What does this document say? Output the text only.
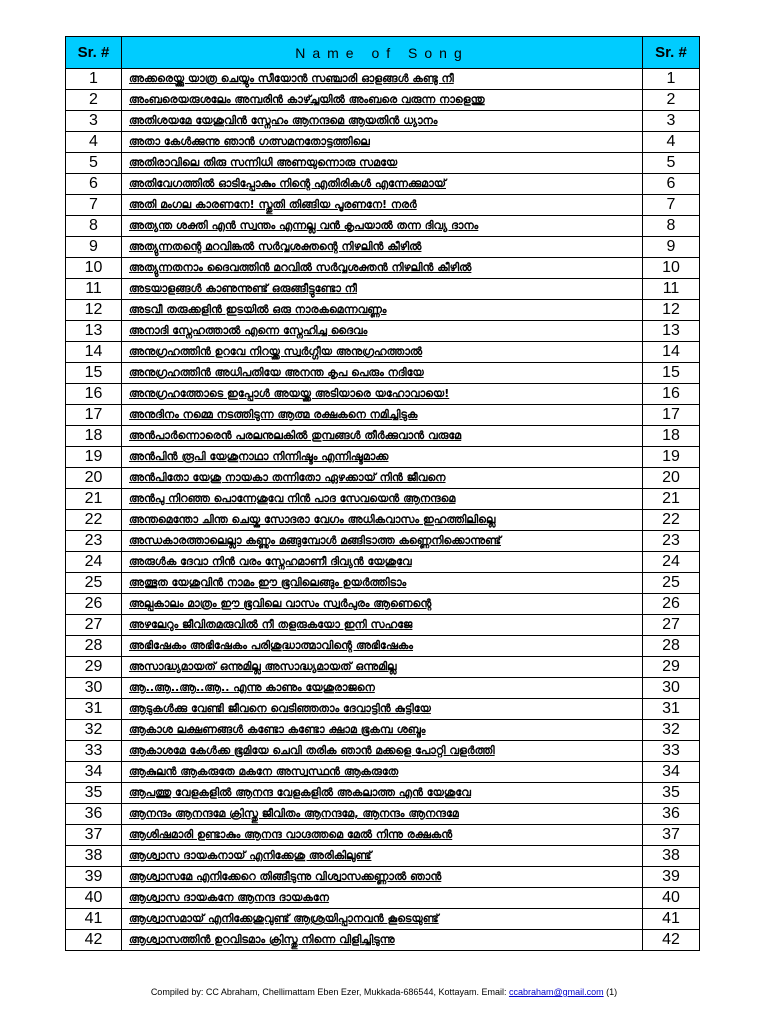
Sr. #	Name of Song	Sr. #
1	അക്കരെയ്ക്കു യാത്ര ചെയ്യും സീയോൻ സഞ്ചാരി ഓളങ്ങൾ കണ്ടു നീ	1
2	അംബരെയരുശലേം അമ്പരിൻ കാഴ്ച്ചയിൽ അംബരെ വരുന്ന നാളെന്തു	2
3	അതിശയമേ യേശുവിൻ സ്നേഹം ആനന്ദമെ ആയതിൻ ധ്യാനം	3
4	അതാ കേൾക്കുന്നു ഞാൻ ഗത്സമനതോട്ടത്തിലെ	4
5	അതിരാവിലെ തിരു സന്നിധി അണയുന്നൊരു സമയേ	5
6	അതിവേഗത്തിൽ ഓടിപ്പോകും നിന്റെ എതിരികൾ എന്നേക്കുമായ്	6
7	അതി മംഗല കാരണനേ! സ്തുതി തിങ്ങിയ പൂരണനേ! നരർ	7
8	അത്യന്ത ശക്തി എൻ സ്വന്തം എന്നല്ല വൻ കൃപയാൽ തന്ന ദിവ്യ ദാനം	8
9	അത്യുന്നതന്റെ മറവിങ്കൽ സർവ്വശക്തന്റെ നിഴലിൻ കീഴിൽ	9
10	അത്യുന്നതനാം ദൈവത്തിൻ മറവിൽ സർവ്വശക്തൻ നിഴലിൻ കീഴിൽ	10
11	അടയാളങ്ങൾ കാണുന്നുണ്ട് ഒരുങ്ങീട്ടുണ്ടോ നീ	11
12	അടവീ തരുക്കളിൻ ഇടയിൽ ഒരു നാരകമെന്നവണ്ണം	12
13	അനാദി സ്നേഹത്താൽ എന്നെ സ്നേഹിച്ച ദൈവം	13
14	അനുഗ്രഹത്തിൻ ഉറവേ നിറയ്ക്ക സ്വർഗ്ഗീയ അനുഗ്രഹത്താൽ	14
15	അനുഗ്രഹത്തിൻ അധിപതിയേ അനന്ത കൃപ പെരും നദിയേ	15
16	അനുഗ്രഹത്തോടെ ഇപ്പോൾ അയയ്ക്ക അടിയാരെ യഹോവായെ!	16
17	അനുദിനം നമ്മെ നടത്തിടുന്ന ആത്മ രക്ഷകനെ നമിച്ചിടുക	17
18	അൻപാർന്നൊരെൻ പരലനുലകിൽ തുമ്പങ്ങൾ തീർക്കുവാൻ വരുമേ	18
19	അൻപിൻ രൂപി യേശുനാഥാ നിന്നിഷ്ടം എന്നിഷ്ടമാക്ക	19
20	അൻപിതോ യേശു നായകാ തന്നിതോ ഏഴക്കായ് നിൻ ജീവനെ	20
21	അൻപു നിറഞ്ഞ പൊന്നേശുവേ നിൻ പാദ സേവയെൻ ആനന്ദമെ	21
22	അന്തമെന്തോ ചിന്ത ചെയ്ക സോദരാ വേഗം അധികവാസം ഇഹത്തിലില്ലെ	22
23	അന്ധകാരത്താലെല്ലാ കണ്ണും മങ്ങുമ്പോൾ മങ്ങിടാത്ത കണ്ണെനിക്കൊന്നുണ്ട്	23
24	അരുൾക ദേവാ നിൻ വരം സ്നേഹമാണീ ദിവ്യൻ യേശുവേ	24
25	അത്ഭുത യേശുവിൻ നാമം ഈ ഭൂവിലെങ്ങും ഉയർത്തിടാം	25
26	അല്പകാലം മാത്രം ഈ ഭൂവിലെ വാസം സ്വർപുരം ആണെന്റെ	26
27	അഴലേറും ജീവിതമരുവിൽ നീ തളരുകയോ ഇനി സഹജേ	27
28	അഭിഷേകം അഭിഷേകം പരിശുദ്ധാത്മാവിന്റെ അഭിഷേകം	28
29	അസാദ്ധ്യമായത് ഒന്നുമില്ല അസാദ്ധ്യമായത് ഒന്നുമില്ല	29
30	ആ..ആ..ആ..ആ.. എന്നു കാണും യേശുരാജനെ	30
31	ആടുകൾക്കു വേണ്ടി ജീവനെ വെടിഞ്ഞതാം ദേവാട്ടിൻ കുട്ടിയേ	31
32	ആകാശ ലക്ഷണങ്ങൾ കണ്ടോ കണ്ടോ ക്ഷാമ ഭൂകമ്പ ശബ്ദം	32
33	ആകാശമേ കേൾക്ക ഭൂമിയേ ചെവി തരിക ഞാൻ മക്കളെ പോറ്റി വളർത്തി	33
34	ആകുലൻ ആകരുതേ മകനേ അസ്വസ്ഥൻ ആകരുതേ	34
35	ആപത്തു വേളകളിൽ ആനന്ദ വേളകളിൽ അകലാത്ത എൻ യേശുവേ	35
36	ആനന്ദം ആനന്ദമേ ക്രിസ്തു ജീവിതം ആനന്ദമേ, ആനന്ദം ആനന്ദമേ	36
37	ആശിഷമാരി ഉണ്ടാകും ആനന്ദ വാഗ്ദത്തമെ മേൽ നിന്നു രക്ഷകൻ	37
38	ആശ്വാസ ദായകനായ് എനിക്കേശു അരികിലുണ്ട്	38
39	ആശ്വാസമേ എനിക്കേറെ തിങ്ങീടുന്നു വിശ്വാസക്കണ്ണാൽ ഞാൻ	39
40	ആശ്വാസ ദായകനേ ആനന്ദ ദായകനേ	40
41	ആശ്വാസമായ് എനിക്കേശുവുണ്ട് ആശ്രയിപ്പാനവൻ കൂടെയുണ്ട്	41
42	ആശ്വാസത്തിൻ ഉറവിടമാം ക്രിസ്തു നിന്നെ വിളിച്ചിടുന്നു	42
Compiled by: CC Abraham, Chellimattam Eben Ezer, Mukkada-686544, Kottayam. Email: ccabraham@gmail.com (1)
